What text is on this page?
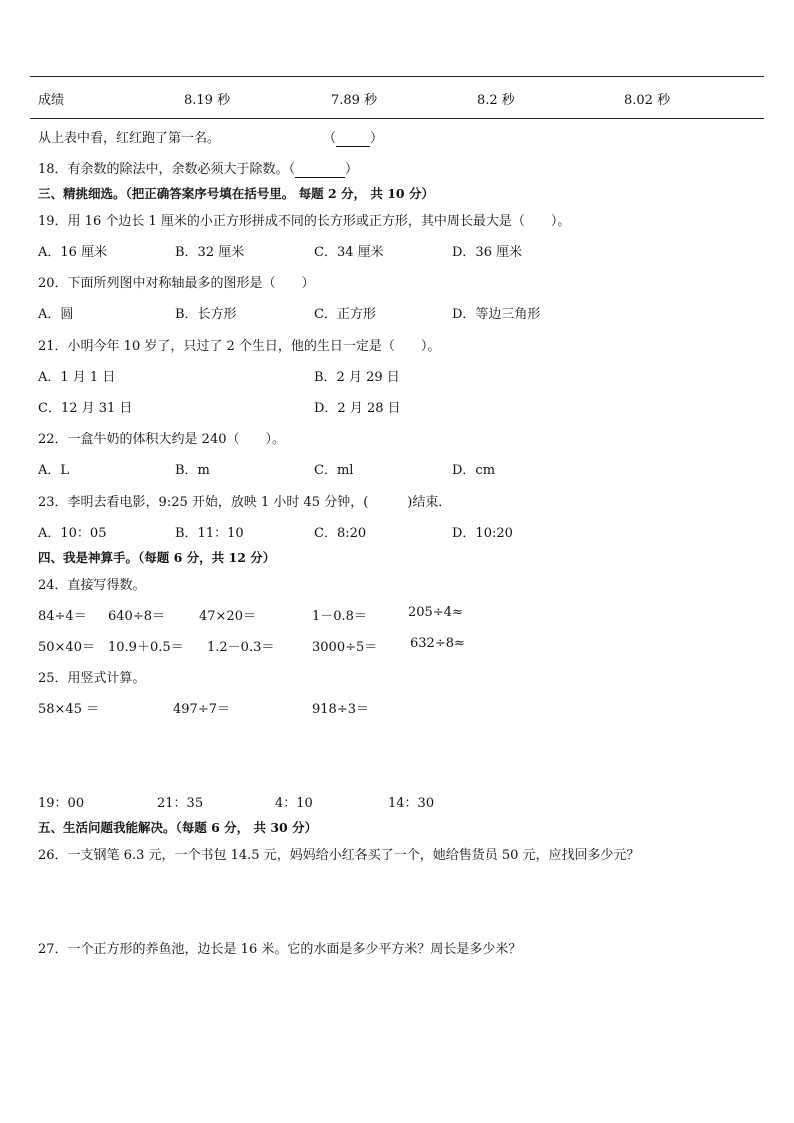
成绩	8.19 秒	7.89 秒	8.2 秒	8.02 秒
从上表中看，红红跑了第一名。	（	）
18．有余数的除法中，余数必须大于除数。（	）
三、精挑细选。（把正确答案序号填在括号里。 每题 2 分， 共 10 分）
19．用 16 个边长 1 厘米的小正方形拼成不同的长方形或正方形，其中周长最大是（　　）。
A．16 厘米	B．32 厘米	C．34 厘米	D．36 厘米
20．下面所列图中对称轴最多的图形是（　　）
A．圆	B．长方形	C．正方形	D．等边三角形
21．小明今年 10 岁了，只过了 2 个生日，他的生日一定是（　　）。
A．1 月 1 日	B．2 月 29 日
C．12 月 31 日	D．2 月 28 日
22．一盒牛奶的体积大约是 240（　　）。
A．L	B．m	C．ml	D．cm
23．李明去看电影，9:25 开始，放映 1 小时 45 分钟，(　　　)结束．
A．10：05	B．11：10	C．8:20	D．10:20
四、我是神算手。（每题 6 分，共 12 分）
24．直接写得数。
84÷4＝ 640÷8＝	47×20＝	1－0.8＝	205÷4≈
50×40＝ 10.9＋0.5＝ 1.2－0.3＝	3000÷5＝	632÷8≈
25．用竖式计算。
58×45 ＝	497÷7＝	918÷3＝
19：00	21：35	4：10	14：30
五、生活问题我能解决。（每题 6 分， 共 30 分）
26．一支钢笔 6.3 元，一个书包 14.5 元，妈妈给小红各买了一个，她给售货员 50 元，应找回多少元？
27．一个正方形的养鱼池，边长是 16 米。它的水面是多少平方米？周长是多少米？
